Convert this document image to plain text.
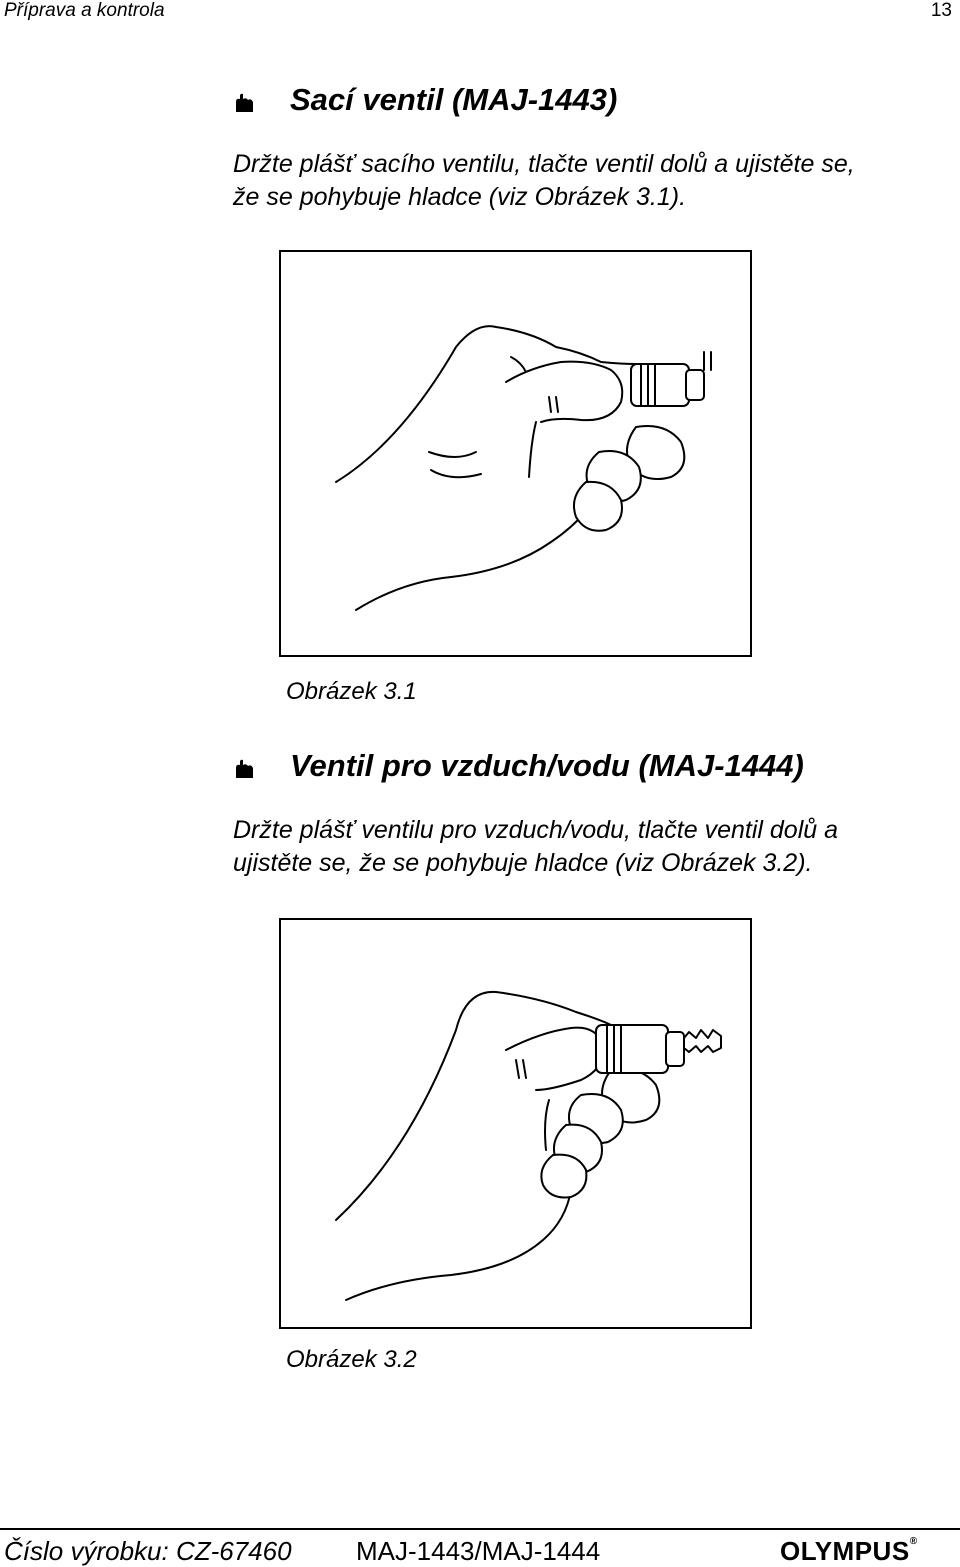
Příprava a kontrola	13
Sací ventil (MAJ-1443)
Držte plášť sacího ventilu, tlačte ventil dolů a ujistěte se,
že se pohybuje hladce (viz Obrázek 3.1).
Obrázek 3.1
Ventil pro vzduch/vodu (MAJ-1444)
Držte plášť ventilu pro vzduch/vodu, tlačte ventil dolů a
ujistěte se, že se pohybuje hladce (viz Obrázek 3.2).
Obrázek 3.2
Číslo výrobku: CZ-67460 MAJ-1443/MAJ-1444	OLYMPUS®
